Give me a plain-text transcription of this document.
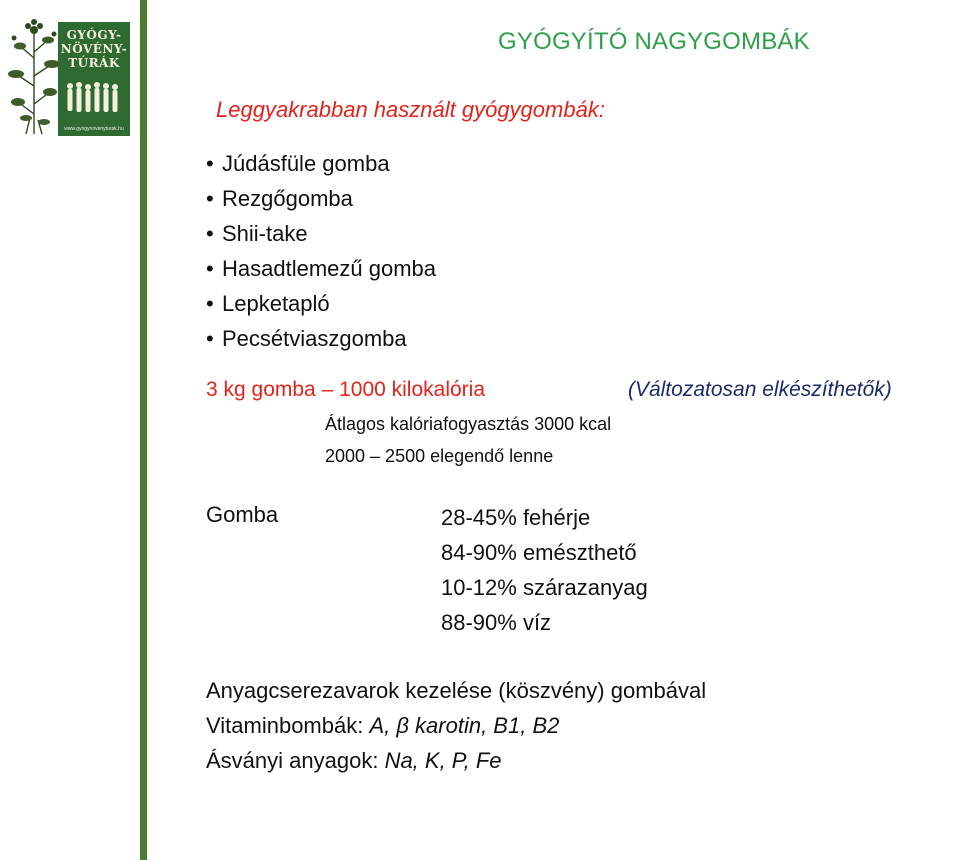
GYÓGY-
NÖVÉNY-
TÚRÁK
www.gyogynovenyturak.hu
GYÓGYÍTÓ NAGYGOMBÁK
Leggyakrabban használt gyógygombák:
• Júdásfüle gomba
• Rezgőgomba
• Shii-take
• Hasadtlemezű gomba
• Lepketapló
• Pecsétviaszgomba
3 kg gomba – 1000 kilokalória	(Változatosan elkészíthetők)
Átlagos kalóriafogyasztás 3000 kcal
2000 – 2500 elegendő lenne
Gomba	28-45% fehérje
84-90% emészthető
10-12% szárazanyag
88-90% víz
Anyagcserezavarok kezelése (köszvény) gombával
Vitaminbombák: A, β karotin, B1, B2
Ásványi anyagok: Na, K, P, Fe
